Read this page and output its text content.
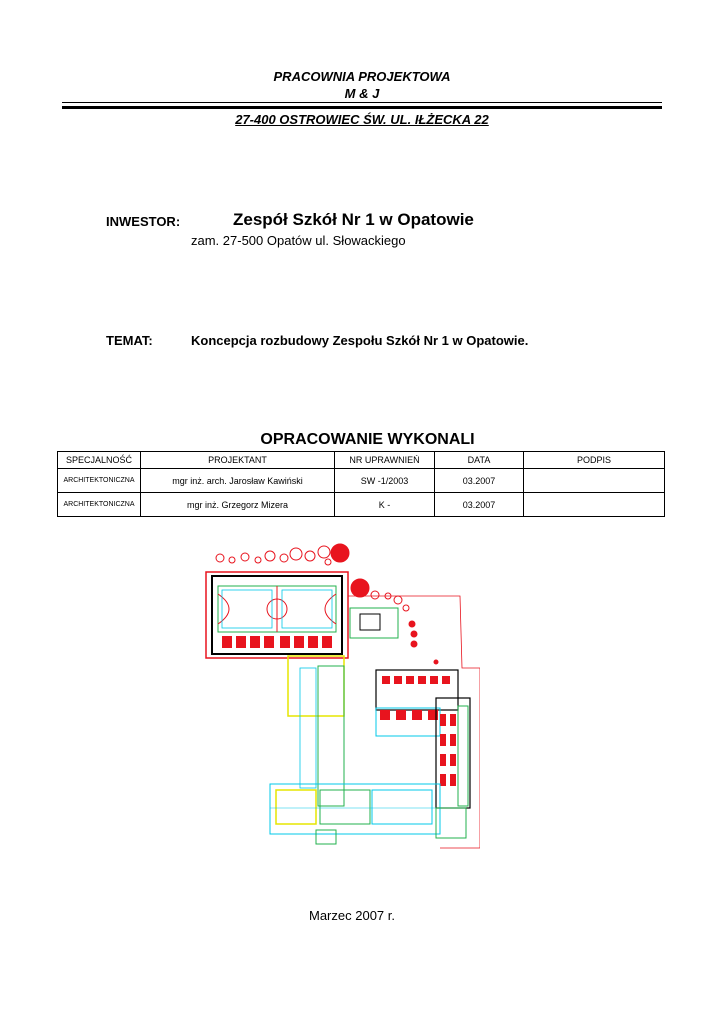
PRACOWNIA PROJEKTOWA
M & J
27-400 OSTROWIEC ŚW. UL. IŁŻECKA 22
INWESTOR:	Zespół Szkół Nr 1 w Opatowie
zam. 27-500 Opatów ul. Słowackiego
TEMAT:	Koncepcja rozbudowy Zespołu Szkół Nr 1 w Opatowie.
OPRACOWANIE WYKONALI
SPECJALNOŚĆ	PROJEKTANT	NR UPRAWNIEŃ	DATA	PODPIS
ARCHITEKTONICZNA	mgr inż. arch. Jarosław Kawiński	SW -1/2003	03.2007	
ARCHITEKTONICZNA	mgr inż. Grzegorz Mizera	K -	03.2007	
Marzec 2007 r.
